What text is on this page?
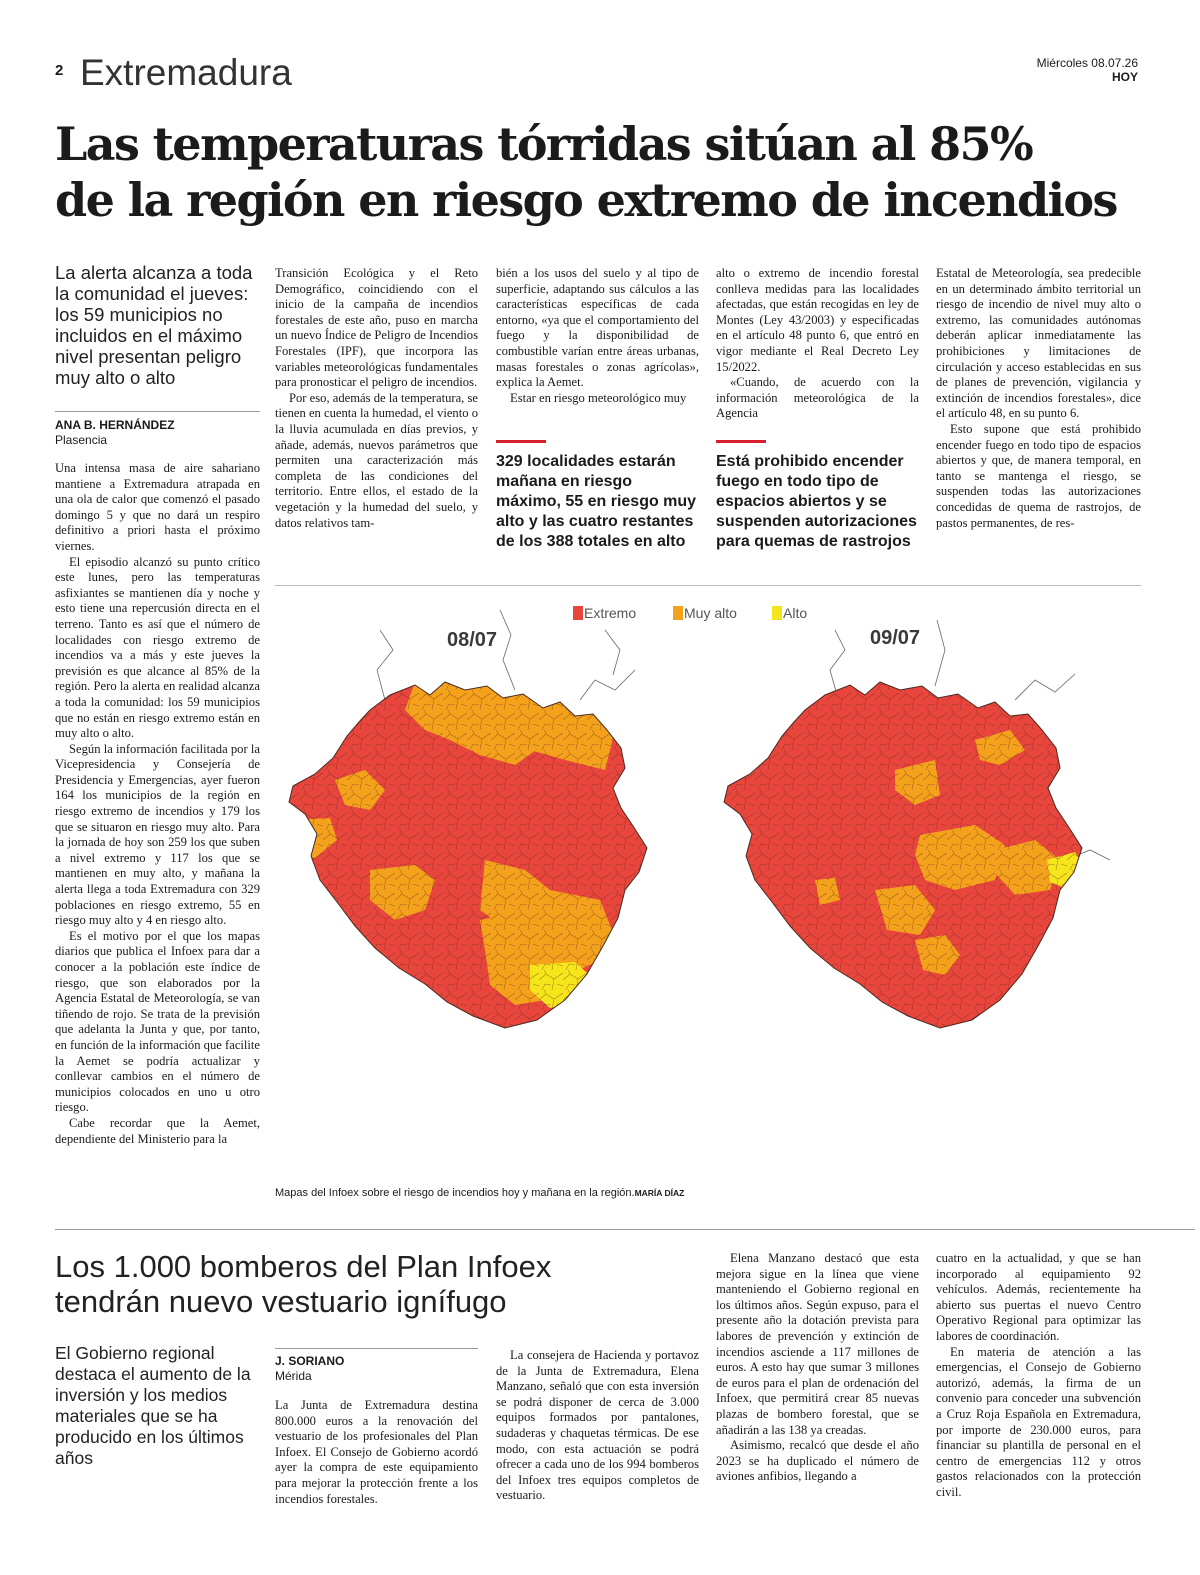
2 Extremadura	Miércoles 08.07.26
HOY
Las temperaturas tórridas sitúan al 85%
de la región en riesgo extremo de incendios
La alerta alcanza a toda la comunidad el jueves: los 59 municipios no incluidos en el máximo nivel presentan peligro muy alto o alto
ANA B. HERNÁNDEZ
Plasencia

Una intensa masa de aire sahariano mantiene a Extremadura atrapada en una ola de calor que comenzó el pasado domingo 5 y que no dará un respiro definitivo a priori hasta el próximo viernes.

El episodio alcanzó su punto crítico este lunes, pero las temperaturas asfixiantes se mantienen día y noche y esto tiene una repercusión directa en el terreno. Tanto es así que el número de localidades con riesgo extremo de incendios va a más y este jueves la previsión es que alcance al 85% de la región. Pero la alerta en realidad alcanza a toda la comunidad: los 59 municipios que no están en riesgo extremo están en muy alto o alto.

Según la información facilitada por la Vicepresidencia y Consejería de Presidencia y Emergencias, ayer fueron 164 los municipios de la región en riesgo extremo de incendios y 179 los que se situaron en riesgo muy alto. Para la jornada de hoy son 259 los que suben a nivel extremo y 117 los que se mantienen en muy alto, y mañana la alerta llega a toda Extremadura con 329 poblaciones en riesgo extremo, 55 en riesgo muy alto y 4 en riesgo alto.

Es el motivo por el que los mapas diarios que publica el Infoex para dar a conocer a la población este índice de riesgo, que son elaborados por la Agencia Estatal de Meteorología, se van tiñendo de rojo. Se trata de la previsión que adelanta la Junta y que, por tanto, en función de la información que facilite la Aemet se podría actualizar y conllevar cambios en el número de municipios colocados en uno u otro riesgo.

Cabe recordar que la Aemet, dependiente del Ministerio para la

Transición Ecológica y el Reto Demográfico, coincidiendo con el inicio de la campaña de incendios forestales de este año, puso en marcha un nuevo Índice de Peligro de Incendios Forestales (IPF), que incorpora las variables meteorológicas fundamentales para pronosticar el peligro de incendios.

Por eso, además de la temperatura, se tienen en cuenta la humedad, el viento o la lluvia acumulada en días previos, y añade, además, nuevos parámetros que permiten una caracterización más completa de las condiciones del territorio. Entre ellos, el estado de la vegetación y la humedad del suelo, y datos relativos tam-

bién a los usos del suelo y al tipo de superficie, adaptando sus cálculos a las características específicas de cada entorno, «ya que el comportamiento del fuego y la disponibilidad de combustible varían entre áreas urbanas, masas forestales o zonas agrícolas», explica la Aemet.

Estar en riesgo meteorológico muy

alto o extremo de incendio forestal conlleva medidas para las localidades afectadas, que están recogidas en ley de Montes (Ley 43/2003) y especificadas en el artículo 48 punto 6, que entró en vigor mediante el Real Decreto Ley 15/2022.

«Cuando, de acuerdo con la información meteorológica de la Agencia

Estatal de Meteorología, sea predecible en un determinado ámbito territorial un riesgo de incendio de nivel muy alto o extremo, las comunidades autónomas deberán aplicar inmediatamente las prohibiciones y limitaciones de circulación y acceso establecidas en sus de planes de prevención, vigilancia y extinción de incendios forestales», dice el artículo 48, en su punto 6.

Esto supone que está prohibido encender fuego en todo tipo de espacios abiertos y que, de manera temporal, en tanto se mantenga el riesgo, se suspenden todas las autorizaciones concedidas de quema de rastrojos, de pastos permanentes, de res-

329 localidades estarán mañana en riesgo máximo, 55 en riesgo muy alto y las cuatro restantes de los 388 totales en alto
Está prohibido encender fuego en todo tipo de espacios abiertos y se suspenden autorizaciones para quemas de rastrojos
Extremo	Muy alto	Alto
08/07	09/07
Mapas del Infoex sobre el riesgo de incendios hoy y mañana en la región.MARÍA DÍAZ
Los 1.000 bomberos del Plan Infoex
tendrán nuevo vestuario ignífugo
El Gobierno regional destaca el aumento de la inversión y los medios materiales que se ha producido en los últimos años
J. SORIANO
Mérida

La Junta de Extremadura destina 800.000 euros a la renovación del vestuario de los profesionales del Plan Infoex. El Consejo de Gobierno acordó ayer la compra de este equipamiento para mejorar la protección frente a los incendios forestales.

La consejera de Hacienda y portavoz de la Junta de Extremadura, Elena Manzano, señaló que con esta inversión se podrá disponer de cerca de 3.000 equipos formados por pantalones, sudaderas y chaquetas térmicas. De ese modo, con esta actuación se podrá ofrecer a cada uno de los 994 bomberos del Infoex tres equipos completos de vestuario.

Elena Manzano destacó que esta mejora sigue en la línea que viene manteniendo el Gobierno regional en los últimos años. Según expuso, para el presente año la dotación prevista para labores de prevención y extinción de incendios asciende a 117 millones de euros. A esto hay que sumar 3 millones de euros para el plan de ordenación del Infoex, que permitirá crear 85 nuevas plazas de bombero forestal, que se añadirán a las 138 ya creadas.

Asimismo, recalcó que desde el año 2023 se ha duplicado el número de aviones anfibios, llegando a

cuatro en la actualidad, y que se han incorporado al equipamiento 92 vehículos. Además, recientemente ha abierto sus puertas el nuevo Centro Operativo Regional para optimizar las labores de coordinación.

En materia de atención a las emergencias, el Consejo de Gobierno autorizó, además, la firma de un convenio para conceder una subvención a Cruz Roja Española en Extremadura, por importe de 230.000 euros, para financiar su plantilla de personal en el centro de emergencias 112 y otros gastos relacionados con la protección civil.
